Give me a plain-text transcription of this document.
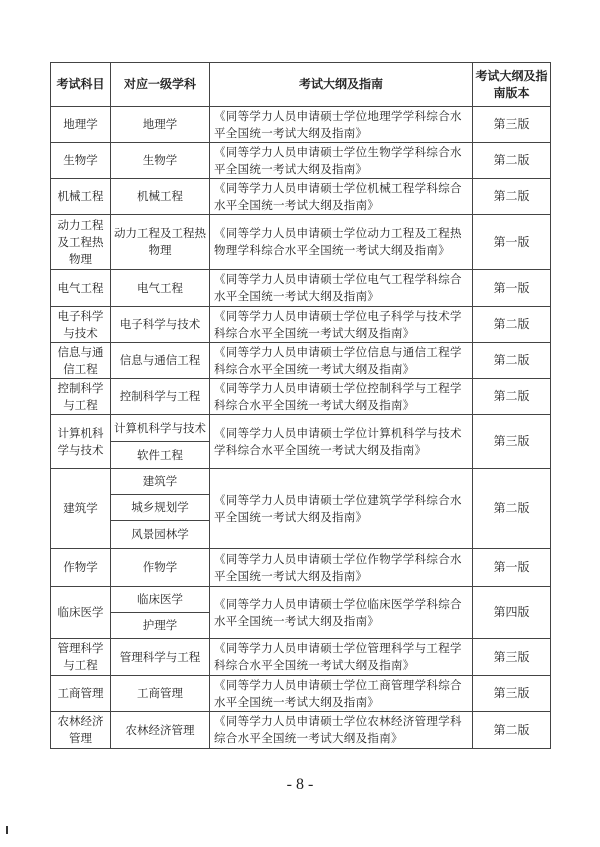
考试科目	对应一级学科	考试大纲及指南	考试大纲及指南版本
地理学	地理学	《同等学力人员申请硕士学位地理学学科综合水平全国统一考试大纲及指南》	第三版
生物学	生物学	《同等学力人员申请硕士学位生物学学科综合水平全国统一考试大纲及指南》	第二版
机械工程	机械工程	《同等学力人员申请硕士学位机械工程学科综合水平全国统一考试大纲及指南》	第二版
动力工程及工程热物理	动力工程及工程热物理	《同等学力人员申请硕士学位动力工程及工程热物理学科综合水平全国统一考试大纲及指南》	第一版
电气工程	电气工程	《同等学力人员申请硕士学位电气工程学科综合水平全国统一考试大纲及指南》	第一版
电子科学与技术	电子科学与技术	《同等学力人员申请硕士学位电子科学与技术学科综合水平全国统一考试大纲及指南》	第二版
信息与通信工程	信息与通信工程	《同等学力人员申请硕士学位信息与通信工程学科综合水平全国统一考试大纲及指南》	第二版
控制科学与工程	控制科学与工程	《同等学力人员申请硕士学位控制科学与工程学科综合水平全国统一考试大纲及指南》	第二版
计算机科学与技术	计算机科学与技术	《同等学力人员申请硕士学位计算机科学与技术学科综合水平全国统一考试大纲及指南》	第三版
	软件工程		
建筑学	建筑学	《同等学力人员申请硕士学位建筑学学科综合水平全国统一考试大纲及指南》	第二版
	城乡规划学		
	风景园林学		
作物学	作物学	《同等学力人员申请硕士学位作物学学科综合水平全国统一考试大纲及指南》	第一版
临床医学	临床医学	《同等学力人员申请硕士学位临床医学学科综合水平全国统一考试大纲及指南》	第四版
	护理学		
管理科学与工程	管理科学与工程	《同等学力人员申请硕士学位管理科学与工程学科综合水平全国统一考试大纲及指南》	第三版
工商管理	工商管理	《同等学力人员申请硕士学位工商管理学科综合水平全国统一考试大纲及指南》	第三版
农林经济管理	农林经济管理	《同等学力人员申请硕士学位农林经济管理学科综合水平全国统一考试大纲及指南》	第二版
- 8 -
